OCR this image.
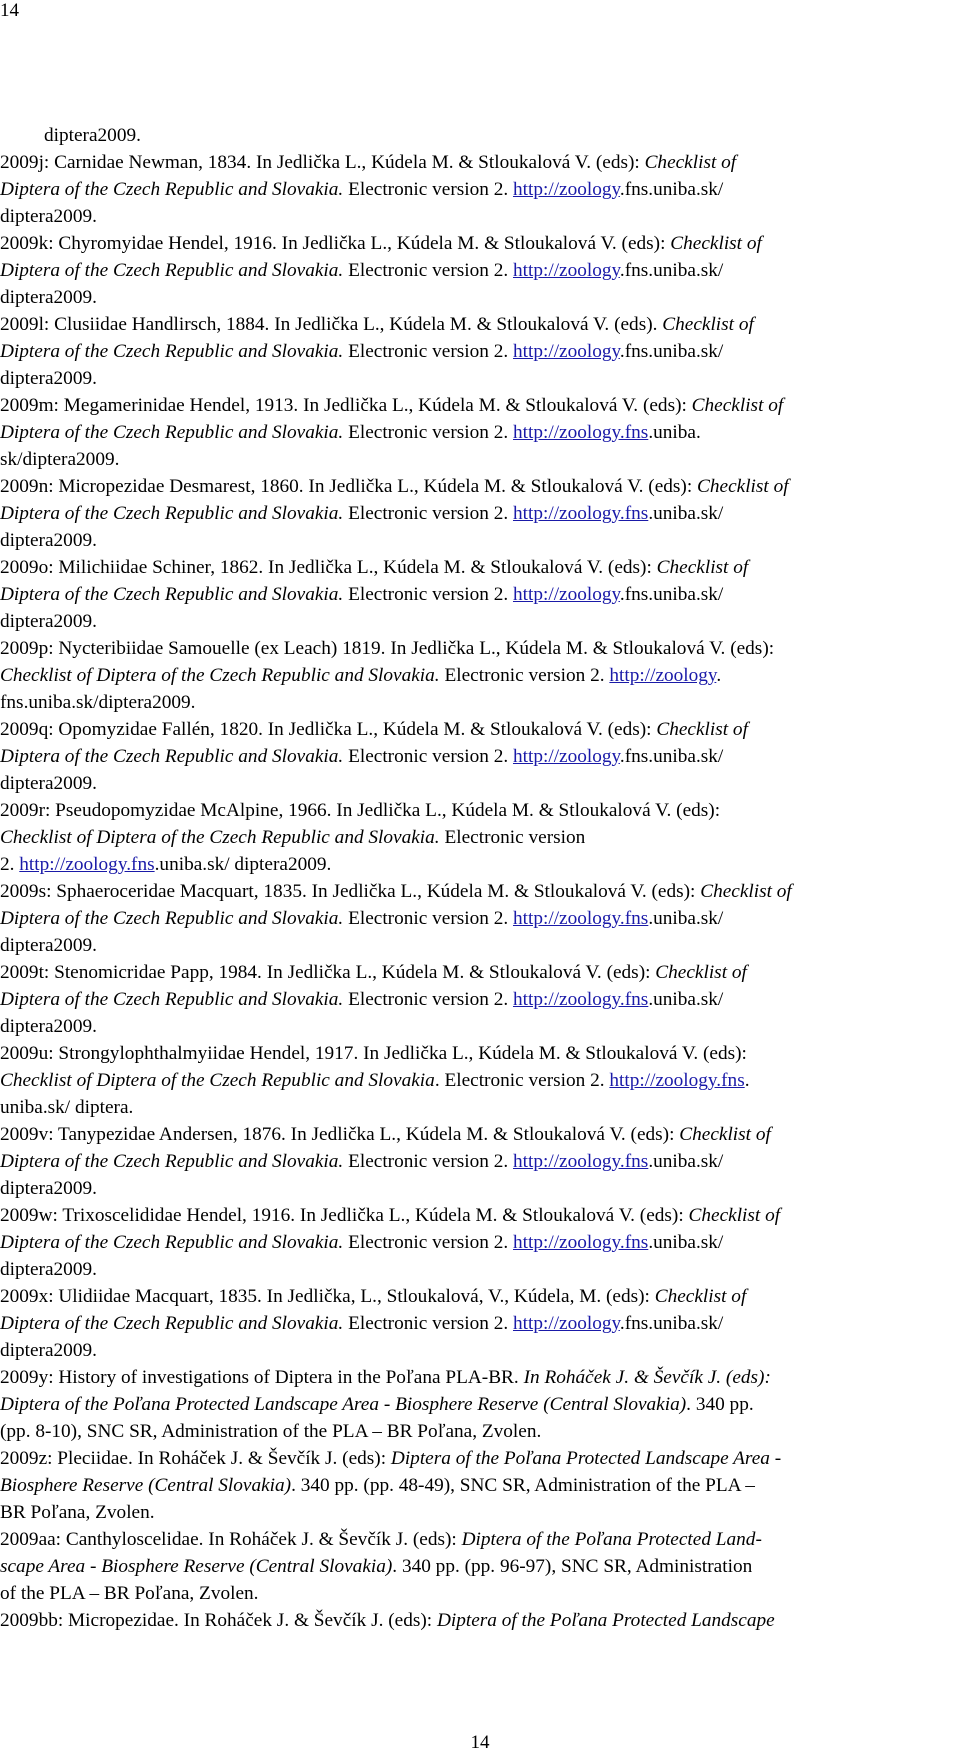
14
diptera2009.
2009j: Carnidae Newman, 1834. In Jedlička L., Kúdela M. & Stloukalová V. (eds): Checklist of
Diptera of the Czech Republic and Slovakia. Electronic version 2. http://zoology.fns.uniba.sk/
diptera2009.
2009k: Chyromyidae Hendel, 1916. In Jedlička L., Kúdela M. & Stloukalová V. (eds): Checklist of
Diptera of the Czech Republic and Slovakia. Electronic version 2. http://zoology.fns.uniba.sk/
diptera2009.
2009l: Clusiidae Handlirsch, 1884. In Jedlička L., Kúdela M. & Stloukalová V. (eds). Checklist of
Diptera of the Czech Republic and Slovakia. Electronic version 2. http://zoology.fns.uniba.sk/
diptera2009.
2009m: Megamerinidae Hendel, 1913. In Jedlička L., Kúdela M. & Stloukalová V. (eds): Checklist of
Diptera of the Czech Republic and Slovakia. Electronic version 2. http://zoology.fns.uniba.
sk/diptera2009.
2009n: Micropezidae Desmarest, 1860. In Jedlička L., Kúdela M. & Stloukalová V. (eds): Checklist of
Diptera of the Czech Republic and Slovakia. Electronic version 2. http://zoology.fns.uniba.sk/
diptera2009.
2009o: Milichiidae Schiner, 1862. In Jedlička L., Kúdela M. & Stloukalová V. (eds): Checklist of
Diptera of the Czech Republic and Slovakia. Electronic version 2. http://zoology.fns.uniba.sk/
diptera2009.
2009p: Nycteribiidae Samouelle (ex Leach) 1819. In Jedlička L., Kúdela M. & Stloukalová V. (eds):
Checklist of Diptera of the Czech Republic and Slovakia. Electronic version 2. http://zoology.
fns.uniba.sk/diptera2009.
2009q: Opomyzidae Fallén, 1820. In Jedlička L., Kúdela M. & Stloukalová V. (eds): Checklist of
Diptera of the Czech Republic and Slovakia. Electronic version 2. http://zoology.fns.uniba.sk/
diptera2009.
2009r: Pseudopomyzidae McAlpine, 1966. In Jedlička L., Kúdela M. & Stloukalová V. (eds):
Checklist of Diptera of the Czech Republic and Slovakia. Electronic version
2. http://zoology.fns.uniba.sk/ diptera2009.
2009s: Sphaeroceridae Macquart, 1835. In Jedlička L., Kúdela M. & Stloukalová V. (eds): Checklist of
Diptera of the Czech Republic and Slovakia. Electronic version 2. http://zoology.fns.uniba.sk/
diptera2009.
2009t: Stenomicridae Papp, 1984. In Jedlička L., Kúdela M. & Stloukalová V. (eds): Checklist of
Diptera of the Czech Republic and Slovakia. Electronic version 2. http://zoology.fns.uniba.sk/
diptera2009.
2009u: Strongylophthalmyiidae Hendel, 1917. In Jedlička L., Kúdela M. & Stloukalová V. (eds):
Checklist of Diptera of the Czech Republic and Slovakia. Electronic version 2. http://zoology.fns.
uniba.sk/ diptera.
2009v: Tanypezidae Andersen, 1876. In Jedlička L., Kúdela M. & Stloukalová V. (eds): Checklist of
Diptera of the Czech Republic and Slovakia. Electronic version 2. http://zoology.fns.uniba.sk/
diptera2009.
2009w: Trixoscelididae Hendel, 1916. In Jedlička L., Kúdela M. & Stloukalová V. (eds): Checklist of
Diptera of the Czech Republic and Slovakia. Electronic version 2. http://zoology.fns.uniba.sk/
diptera2009.
2009x: Ulidiidae Macquart, 1835. In Jedlička, L., Stloukalová, V., Kúdela, M. (eds): Checklist of
Diptera of the Czech Republic and Slovakia. Electronic version 2. http://zoology.fns.uniba.sk/
diptera2009.
2009y: History of investigations of Diptera in the Poľana PLA-BR. In Roháček J. & Ševčík J. (eds):
Diptera of the Poľana Protected Landscape Area - Biosphere Reserve (Central Slovakia). 340 pp.
(pp. 8-10), SNC SR, Administration of the PLA – BR Poľana, Zvolen.
2009z: Pleciidae. In Roháček J. & Ševčík J. (eds): Diptera of the Poľana Protected Landscape Area -
Biosphere Reserve (Central Slovakia). 340 pp. (pp. 48-49), SNC SR, Administration of the PLA –
BR Poľana, Zvolen.
2009aa: Canthyloscelidae. In Roháček J. & Ševčík J. (eds): Diptera of the Poľana Protected Land-
scape Area - Biosphere Reserve (Central Slovakia). 340 pp. (pp. 96-97), SNC SR, Administration
of the PLA – BR Poľana, Zvolen.
2009bb: Micropezidae. In Roháček J. & Ševčík J. (eds): Diptera of the Poľana Protected Landscape
14
